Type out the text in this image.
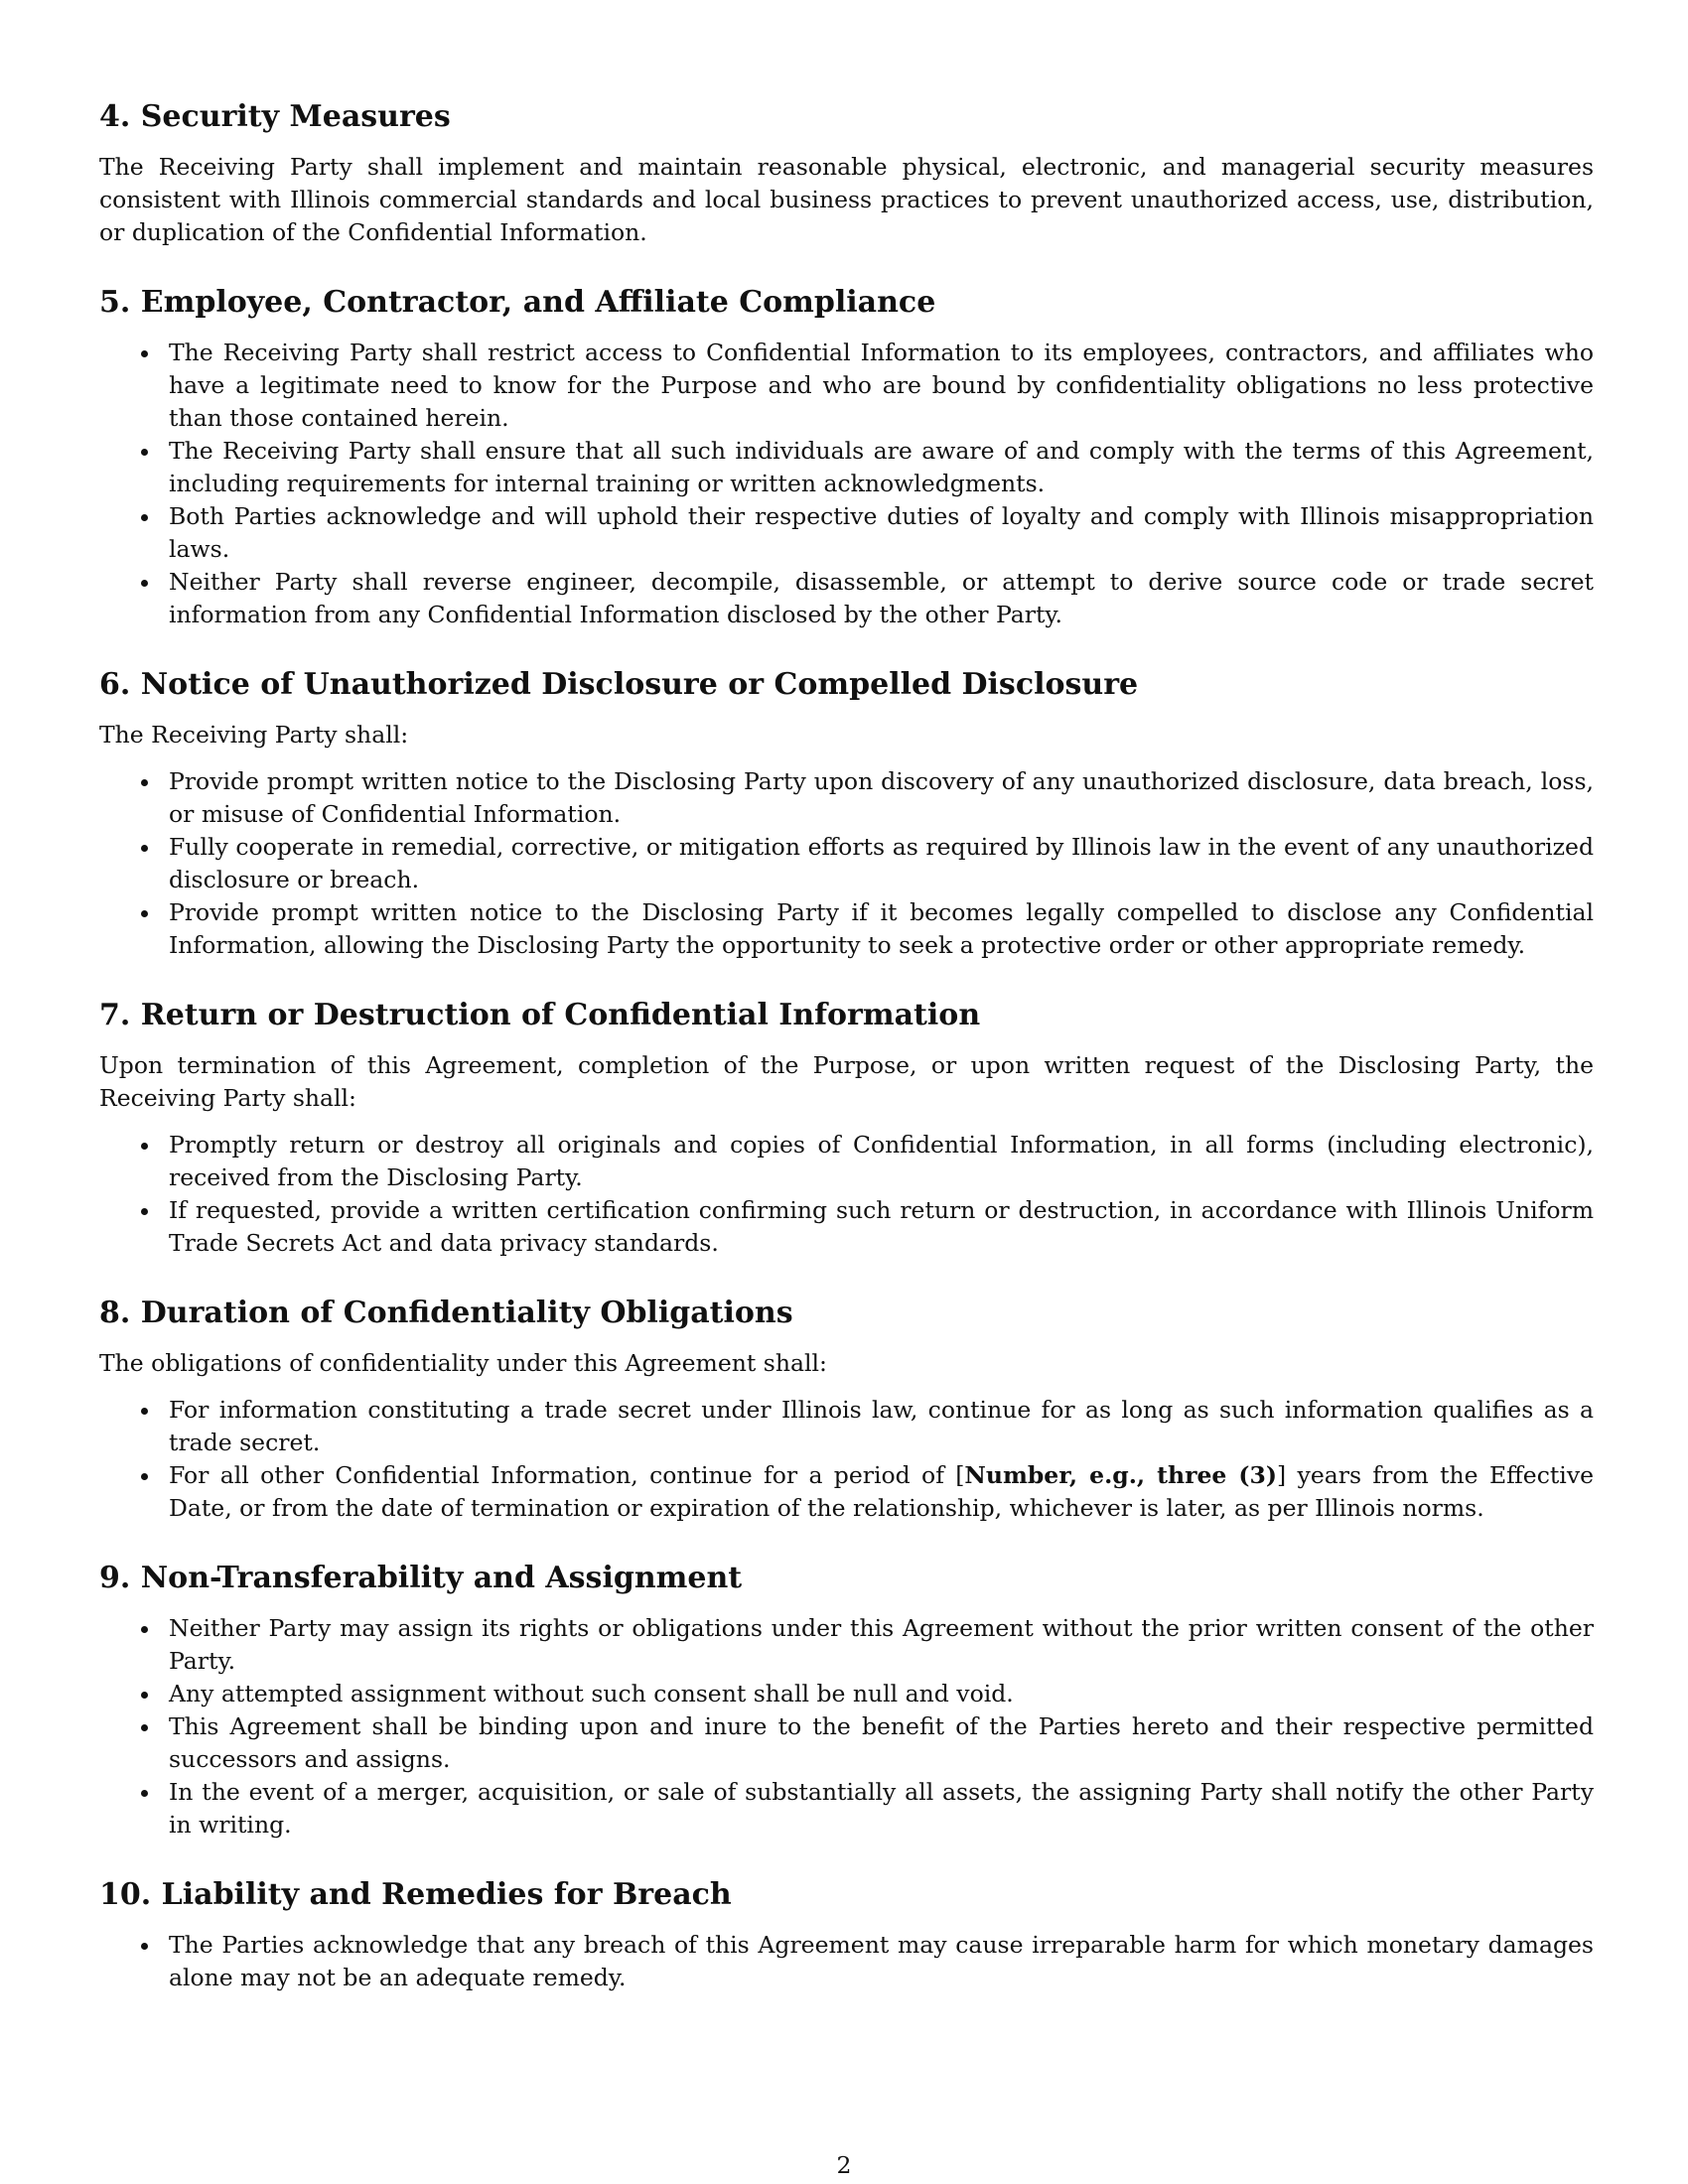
4. Security Measures

The Receiving Party shall implement and maintain reasonable physical, electronic, and managerial security measures consistent with Illinois commercial standards and local business practices to prevent unauthorized access, use, distribution, or duplication of the Confidential Information.

5. Employee, Contractor, and Affiliate Compliance
The Receiving Party shall restrict access to Confidential Information to its employees, contractors, and affiliates who have a legitimate need to know for the Purpose and who are bound by confidentiality obligations no less protective than those contained herein.
The Receiving Party shall ensure that all such individuals are aware of and comply with the terms of this Agreement, including requirements for internal training or written acknowledgments.
Both Parties acknowledge and will uphold their respective duties of loyalty and comply with Illinois misappropriation laws.
Neither Party shall reverse engineer, decompile, disassemble, or attempt to derive source code or trade secret information from any Confidential Information disclosed by the other Party.
6. Notice of Unauthorized Disclosure or Compelled Disclosure

The Receiving Party shall:

Provide prompt written notice to the Disclosing Party upon discovery of any unauthorized disclosure, data breach, loss, or misuse of Confidential Information.
Fully cooperate in remedial, corrective, or mitigation efforts as required by Illinois law in the event of any unauthorized disclosure or breach.
Provide prompt written notice to the Disclosing Party if it becomes legally compelled to disclose any Confidential Information, allowing the Disclosing Party the opportunity to seek a protective order or other appropriate remedy.
7. Return or Destruction of Confidential Information

Upon termination of this Agreement, completion of the Purpose, or upon written request of the Disclosing Party, the Receiving Party shall:

Promptly return or destroy all originals and copies of Confidential Information, in all forms (including electronic), received from the Disclosing Party.
If requested, provide a written certification confirming such return or destruction, in accordance with Illinois Uniform Trade Secrets Act and data privacy standards.
8. Duration of Confidentiality Obligations

The obligations of confidentiality under this Agreement shall:

For information constituting a trade secret under Illinois law, continue for as long as such information qualifies as a trade secret.
For all other Confidential Information, continue for a period of [Number, e.g., three (3)] years from the Effective Date, or from the date of termination or expiration of the relationship, whichever is later, as per Illinois norms.
9. Non-Transferability and Assignment
Neither Party may assign its rights or obligations under this Agreement without the prior written consent of the other Party.
Any attempted assignment without such consent shall be null and void.
This Agreement shall be binding upon and inure to the benefit of the Parties hereto and their respective permitted successors and assigns.
In the event of a merger, acquisition, or sale of substantially all assets, the assigning Party shall notify the other Party in writing.
10. Liability and Remedies for Breach
The Parties acknowledge that any breach of this Agreement may cause irreparable harm for which monetary damages alone may not be an adequate remedy.
2
